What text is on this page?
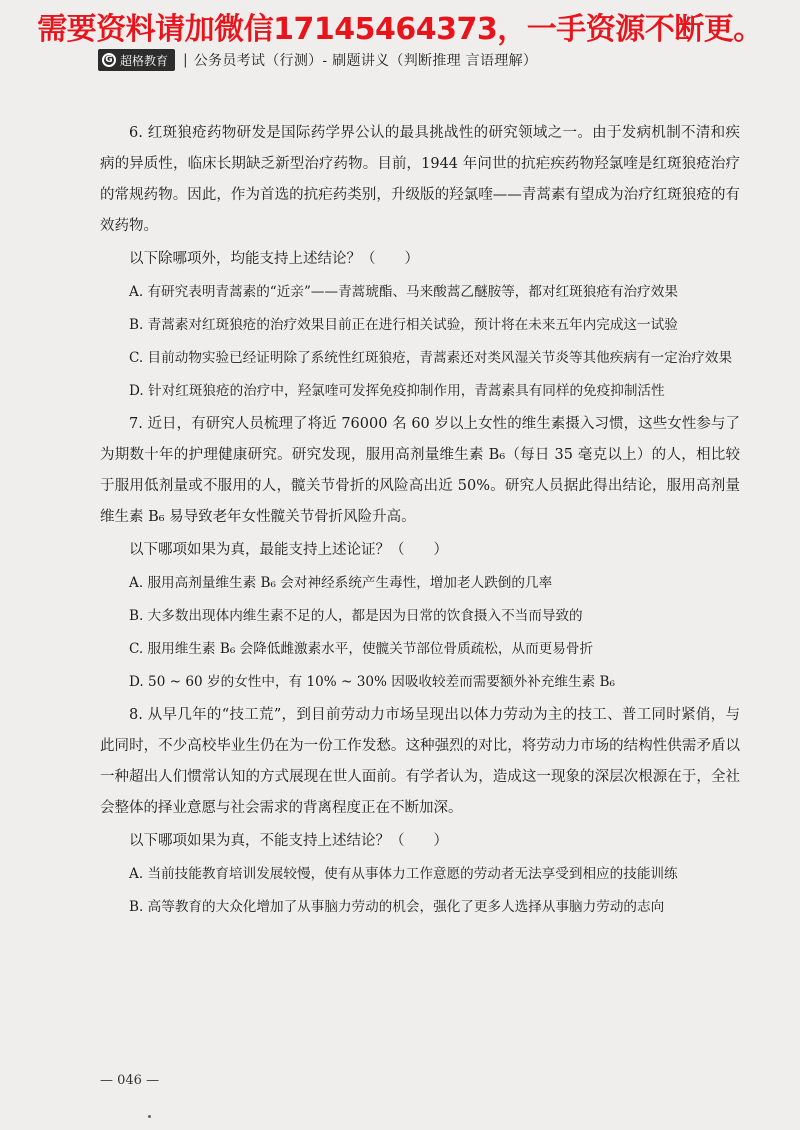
需要资料请加微信17145464373，一手资源不断更。
G 超格教育 | 公务员考试（行测）- 刷题讲义（判断推理 言语理解）

6. 红斑狼疮药物研发是国际药学界公认的最具挑战性的研究领域之一。由于发病机制不清和疾病的异质性，临床长期缺乏新型治疗药物。目前，1944 年问世的抗疟疾药物羟氯喹是红斑狼疮治疗的常规药物。因此，作为首选的抗疟药类别，升级版的羟氯喹——青蒿素有望成为治疗红斑狼疮的有效药物。

以下除哪项外，均能支持上述结论？（　　）

A. 有研究表明青蒿素的“近亲”——青蒿琥酯、马来酸蒿乙醚胺等，都对红斑狼疮有治疗效果

B. 青蒿素对红斑狼疮的治疗效果目前正在进行相关试验，预计将在未来五年内完成这一试验

C. 目前动物实验已经证明除了系统性红斑狼疮，青蒿素还对类风湿关节炎等其他疾病有一定治疗效果

D. 针对红斑狼疮的治疗中，羟氯喹可发挥免疫抑制作用，青蒿素具有同样的免疫抑制活性

7. 近日，有研究人员梳理了将近 76000 名 60 岁以上女性的维生素摄入习惯，这些女性参与了为期数十年的护理健康研究。研究发现，服用高剂量维生素 B₆（每日 35 毫克以上）的人，相比较于服用低剂量或不服用的人，髋关节骨折的风险高出近 50%。研究人员据此得出结论，服用高剂量维生素 B₆ 易导致老年女性髋关节骨折风险升高。

以下哪项如果为真，最能支持上述论证？（　　）

A. 服用高剂量维生素 B₆ 会对神经系统产生毒性，增加老人跌倒的几率

B. 大多数出现体内维生素不足的人，都是因为日常的饮食摄入不当而导致的

C. 服用维生素 B₆ 会降低雌激素水平，使髋关节部位骨质疏松，从而更易骨折

D. 50 ~ 60 岁的女性中，有 10% ~ 30% 因吸收较差而需要额外补充维生素 B₆

8. 从早几年的“技工荒”，到目前劳动力市场呈现出以体力劳动为主的技工、普工同时紧俏，与此同时，不少高校毕业生仍在为一份工作发愁。这种强烈的对比，将劳动力市场的结构性供需矛盾以一种超出人们惯常认知的方式展现在世人面前。有学者认为，造成这一现象的深层次根源在于，全社会整体的择业意愿与社会需求的背离程度正在不断加深。

以下哪项如果为真，不能支持上述结论？（　　）

A. 当前技能教育培训发展较慢，使有从事体力工作意愿的劳动者无法享受到相应的技能训练

B. 高等教育的大众化增加了从事脑力劳动的机会，强化了更多人选择从事脑力劳动的志向

— 046 —
